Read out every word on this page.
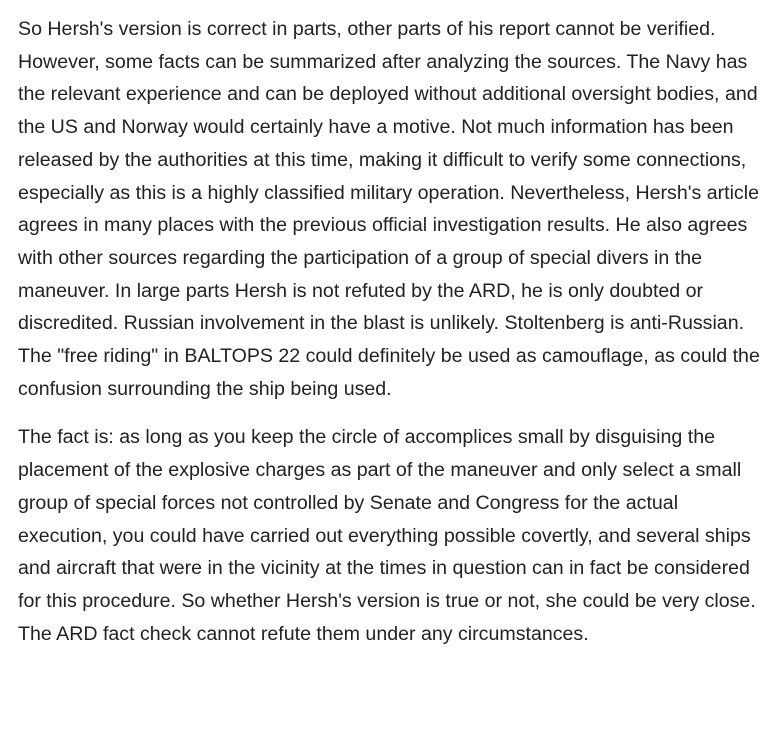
So Hersh's version is correct in parts, other parts of his report cannot be verified. However, some facts can be summarized after analyzing the sources. The Navy has the relevant experience and can be deployed without additional oversight bodies, and the US and Norway would certainly have a motive. Not much information has been released by the authorities at this time, making it difficult to verify some connections, especially as this is a highly classified military operation. Nevertheless, Hersh's article agrees in many places with the previous official investigation results. He also agrees with other sources regarding the participation of a group of special divers in the maneuver. In large parts Hersh is not refuted by the ARD, he is only doubted or discredited. Russian involvement in the blast is unlikely. Stoltenberg is anti-Russian. The "free riding" in BALTOPS 22 could definitely be used as camouflage, as could the confusion surrounding the ship being used.

The fact is: as long as you keep the circle of accomplices small by disguising the placement of the explosive charges as part of the maneuver and only select a small group of special forces not controlled by Senate and Congress for the actual execution, you could have carried out everything possible covertly, and several ships and aircraft that were in the vicinity at the times in question can in fact be considered for this procedure. So whether Hersh's version is true or not, she could be very close. The ARD fact check cannot refute them under any circumstances.
